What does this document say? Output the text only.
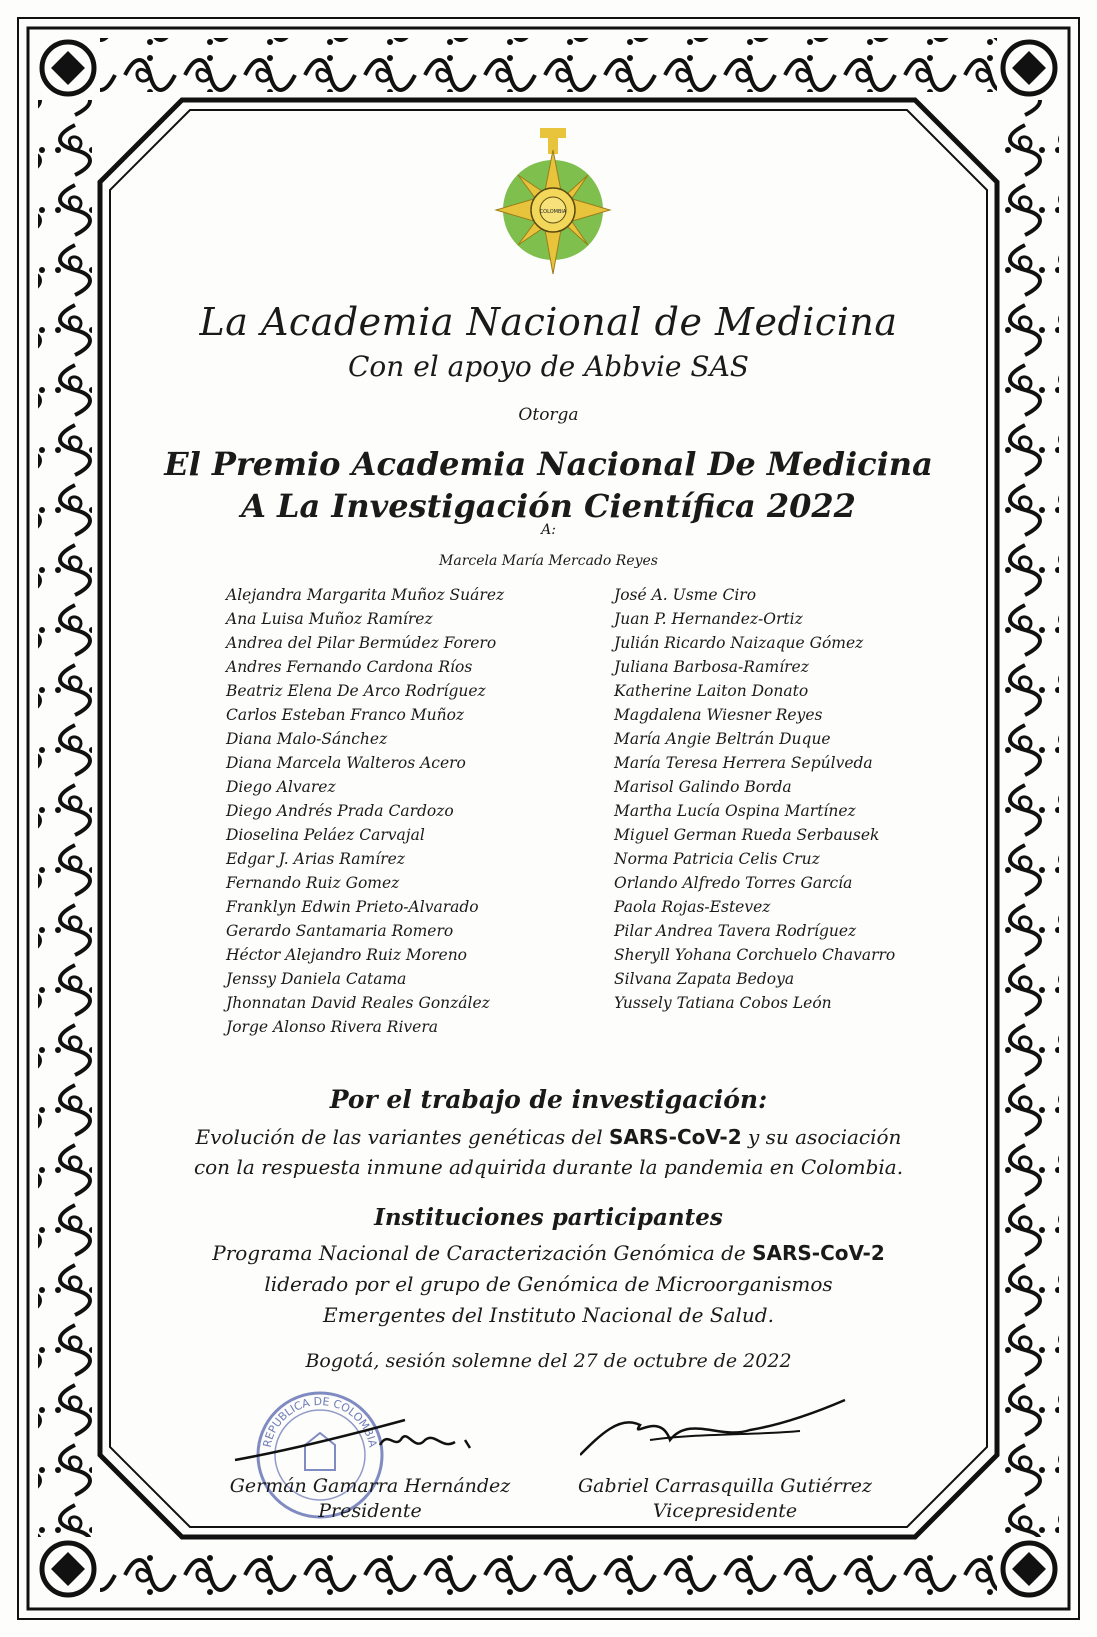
COLOMBIA
La Academia Nacional de Medicina
Con el apoyo de Abbvie SAS
Otorga
El Premio Academia Nacional De Medicina
A La Investigación Científica 2022
A:
Marcela María Mercado Reyes
Alejandra Margarita Muñoz Suárez
Ana Luisa Muñoz Ramírez
Andrea del Pilar Bermúdez Forero
Andres Fernando Cardona Ríos
Beatriz Elena De Arco Rodríguez
Carlos Esteban Franco Muñoz
Diana Malo-Sánchez
Diana Marcela Walteros Acero
Diego Alvarez
Diego Andrés Prada Cardozo
Dioselina Peláez Carvajal
Edgar J. Arias Ramírez
Fernando Ruiz Gomez
Franklyn Edwin Prieto-Alvarado
Gerardo Santamaria Romero
Héctor Alejandro Ruiz Moreno
Jenssy Daniela Catama
Jhonnatan David Reales González
Jorge Alonso Rivera Rivera
José A. Usme Ciro
Juan P. Hernandez-Ortiz
Julián Ricardo Naizaque Gómez
Juliana Barbosa-Ramírez
Katherine Laiton Donato
Magdalena Wiesner Reyes
María Angie Beltrán Duque
María Teresa Herrera Sepúlveda
Marisol Galindo Borda
Martha Lucía Ospina Martínez
Miguel German Rueda Serbausek
Norma Patricia Celis Cruz
Orlando Alfredo Torres García
Paola Rojas-Estevez
Pilar Andrea Tavera Rodríguez
Sheryll Yohana Corchuelo Chavarro
Silvana Zapata Bedoya
Yussely Tatiana Cobos León
Por el trabajo de investigación:
Evolución de las variantes genéticas del SARS-CoV-2 y su asociación
con la respuesta inmune adquirida durante la pandemia en Colombia.
Instituciones participantes
Programa Nacional de Caracterización Genómica de SARS-CoV-2
liderado por el grupo de Genómica de Microorganismos
Emergentes del Instituto Nacional de Salud.
Bogotá, sesión solemne del 27 de octubre de 2022
REPUBLICA DE COLOMBIA
Germán Gamarra Hernández
Presidente
Gabriel Carrasquilla Gutiérrez
Vicepresidente
